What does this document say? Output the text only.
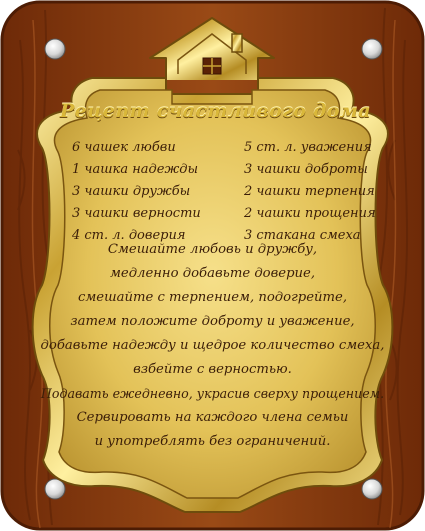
Рецепт счастливого дома
6 чашек любви
1 чашка надежды
3 чашки дружбы
3 чашки верности
4 ст. л. доверия
5 ст. л. уважения
3 чашки доброты
2 чашки терпения
2 чашки прощения
3 стакана смеха
Смешайте любовь и дружбу,
медленно добавьте доверие,
смешайте с терпением, подогрейте,
затем положите доброту и уважение,
добавьте надежду и щедрое количество смеха,
взбейте с верностью.
Подавать ежедневно, украсив сверху прощением.
Сервировать на каждого члена семьи
и употреблять без ограничений.
